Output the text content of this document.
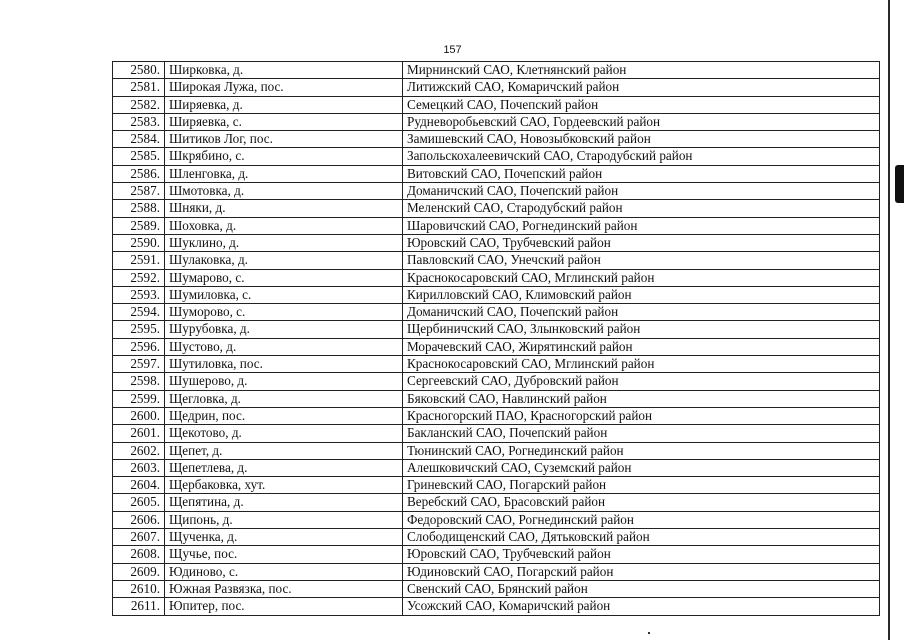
157
2580.	Ширковка, д.	Мирнинский САО, Клетнянский район
2581.	Широкая Лужа, пос.	Литижский САО, Комаричский район
2582.	Ширяевка, д.	Семецкий САО, Почепский район
2583.	Ширяевка, с.	Рудневоробьевский САО, Гордеевский район
2584.	Шитиков Лог, пос.	Замишевский САО, Новозыбковский район
2585.	Шкрябино, с.	Запольскохалеевичский САО, Стародубский район
2586.	Шленговка, д.	Витовский САО, Почепский район
2587.	Шмотовка, д.	Доманичский САО, Почепский район
2588.	Шняки, д.	Меленский САО, Стародубский район
2589.	Шоховка, д.	Шаровичский САО, Рогнединский район
2590.	Шуклино, д.	Юровский САО, Трубчевский район
2591.	Шулаковка, д.	Павловский САО, Унечский район
2592.	Шумарово, с.	Краснокосаровский САО, Мглинский район
2593.	Шумиловка, с.	Кирилловский САО, Климовский район
2594.	Шуморово, с.	Доманичский САО, Почепский район
2595.	Шурубовка, д.	Щербиничский САО, Злынковский район
2596.	Шустово, д.	Морачевский САО, Жирятинский район
2597.	Шутиловка, пос.	Краснокосаровский САО, Мглинский район
2598.	Шушерово, д.	Сергеевский САО, Дубровский район
2599.	Щегловка, д.	Бяковский САО, Навлинский район
2600.	Щедрин, пос.	Красногорский ПАО, Красногорский район
2601.	Щекотово, д.	Бакланский САО, Почепский район
2602.	Щепет, д.	Тюнинский САО, Рогнединский район
2603.	Щепетлева, д.	Алешковичский САО, Суземский район
2604.	Щербаковка, хут.	Гриневский САО, Погарский район
2605.	Щепятина, д.	Веребский САО, Брасовский район
2606.	Щипонь, д.	Федоровский САО, Рогнединский район
2607.	Щученка, д.	Слободищенский САО, Дятьковский район
2608.	Щучье, пос.	Юровский САО, Трубчевский район
2609.	Юдиново, с.	Юдиновский САО, Погарский район
2610.	Южная Развязка, пос.	Свенский САО, Брянский район
2611.	Юпитер, пос.	Усожский САО, Комаричский район
